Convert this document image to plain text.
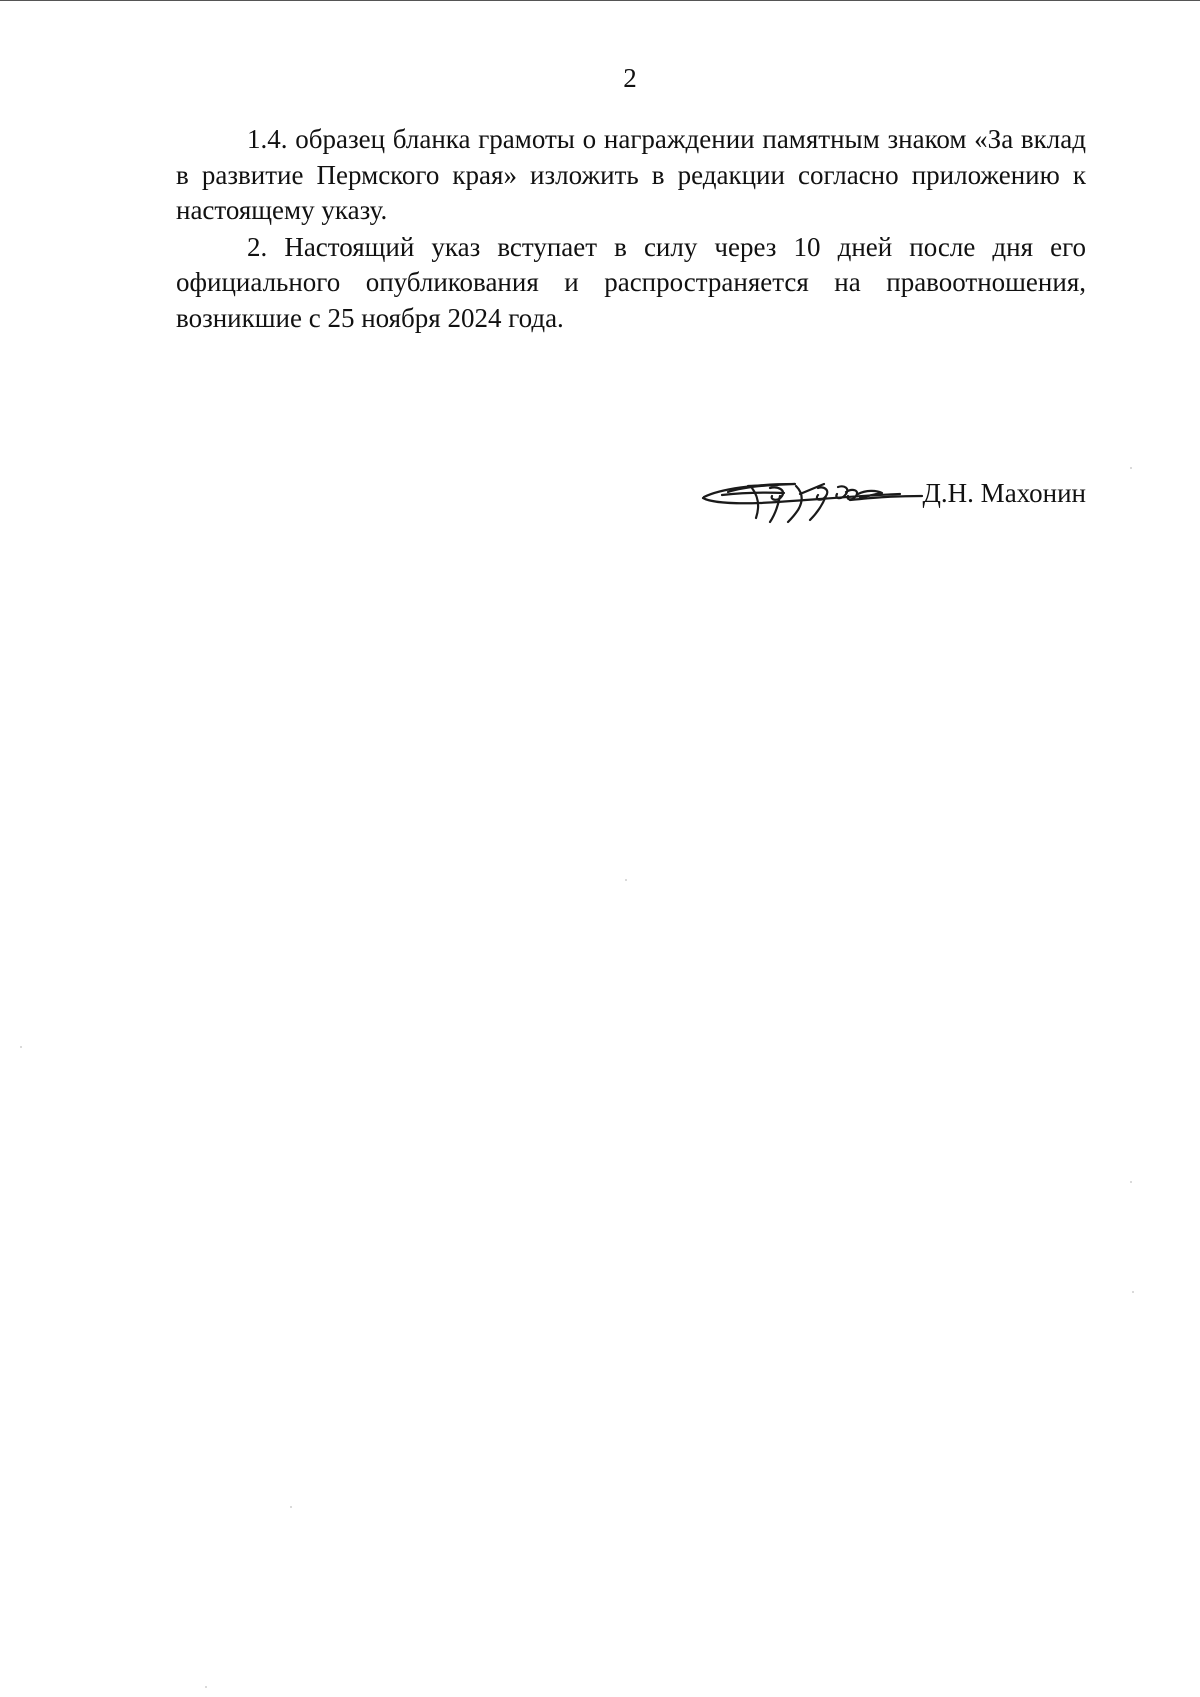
2

1.4. образец бланка грамоты о награждении памятным знаком «За вклад в развитие Пермского края» изложить в редакции согласно приложению к настоящему указу.

2. Настоящий указ вступает в силу через 10 дней после дня его официального опубликования и распространяется на правоотношения, возникшие с 25 ноября 2024 года.

Д.Н. Махонин
